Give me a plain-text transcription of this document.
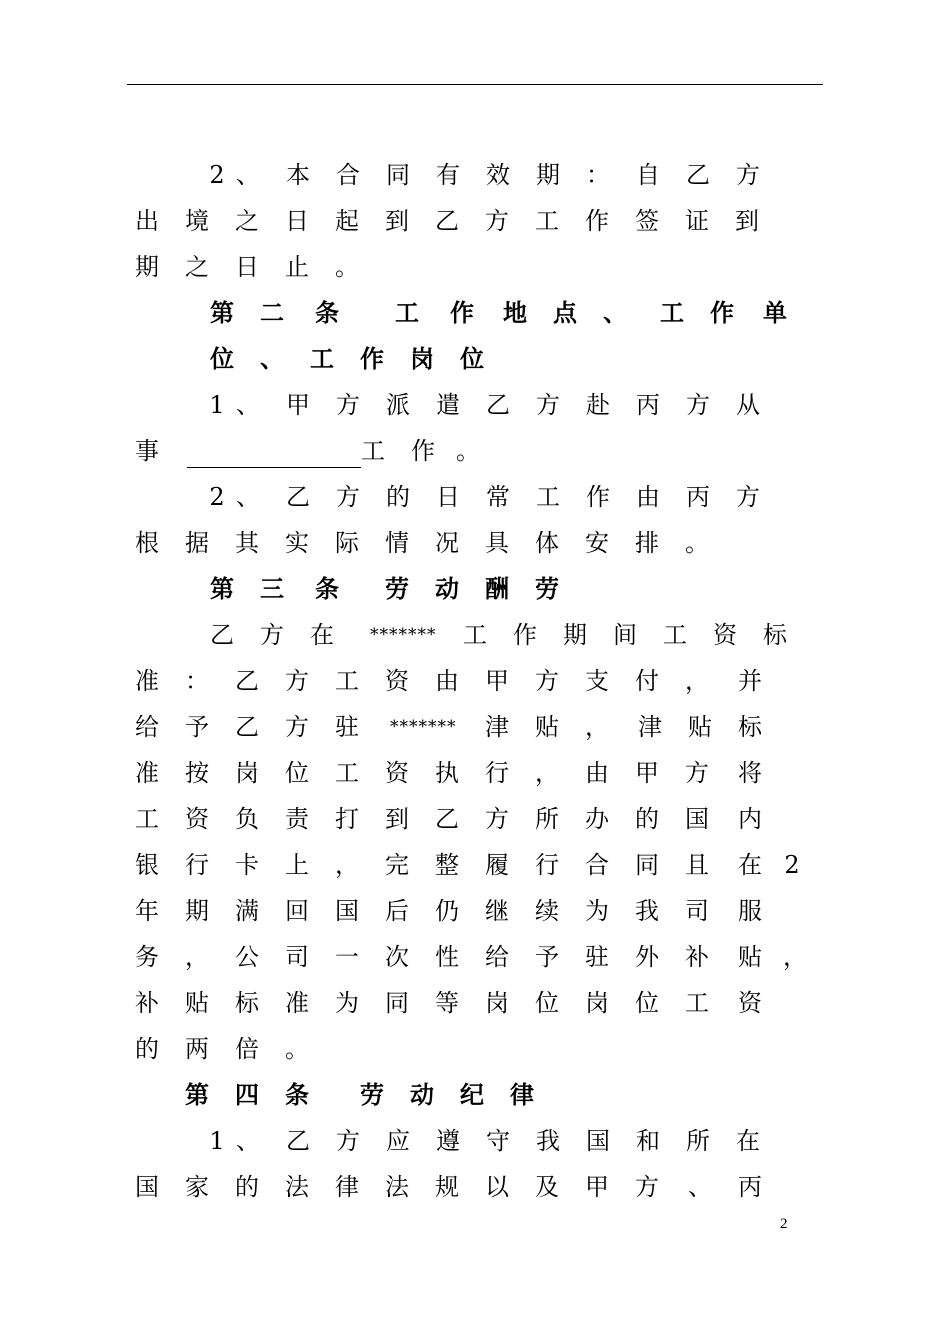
2 、 本 合 同 有 效 期 ： 自 乙 方
出 境 之 日 起 到 乙 方 工 作 签 证 到
期 之 日 止 。
第 二 条 工 作 地 点 、 工 作 单
位 、 工 作 岗 位
1 、 甲 方 派 遣 乙 方 赴 丙 方 从
事	工 作 。
2 、 乙 方 的 日 常 工 作 由 丙 方
根 据 其 实 际 情 况 具 体 安 排 。
第 三 条 劳 动 酬 劳
乙 方 在 ******* 工 作 期 间 工 资 标
准 ： 乙 方 工 资 由 甲 方 支 付 ， 并
给 予 乙 方 驻 ******* 津 贴 ， 津 贴 标
准 按 岗 位 工 资 执 行 ， 由 甲 方 将
工 资 负 责 打 到 乙 方 所 办 的 国 内
银 行 卡 上 ， 完 整 履 行 合 同 且 在 2
年 期 满 回 国 后 仍 继 续 为 我 司 服
务 ， 公 司 一 次 性 给 予 驻 外 补 贴 ，
补 贴 标 准 为 同 等 岗 位 岗 位 工 资
的 两 倍 。
第 四 条 劳 动 纪 律
1 、 乙 方 应 遵 守 我 国 和 所 在
国 家 的 法 律 法 规 以 及 甲 方 、 丙
2
